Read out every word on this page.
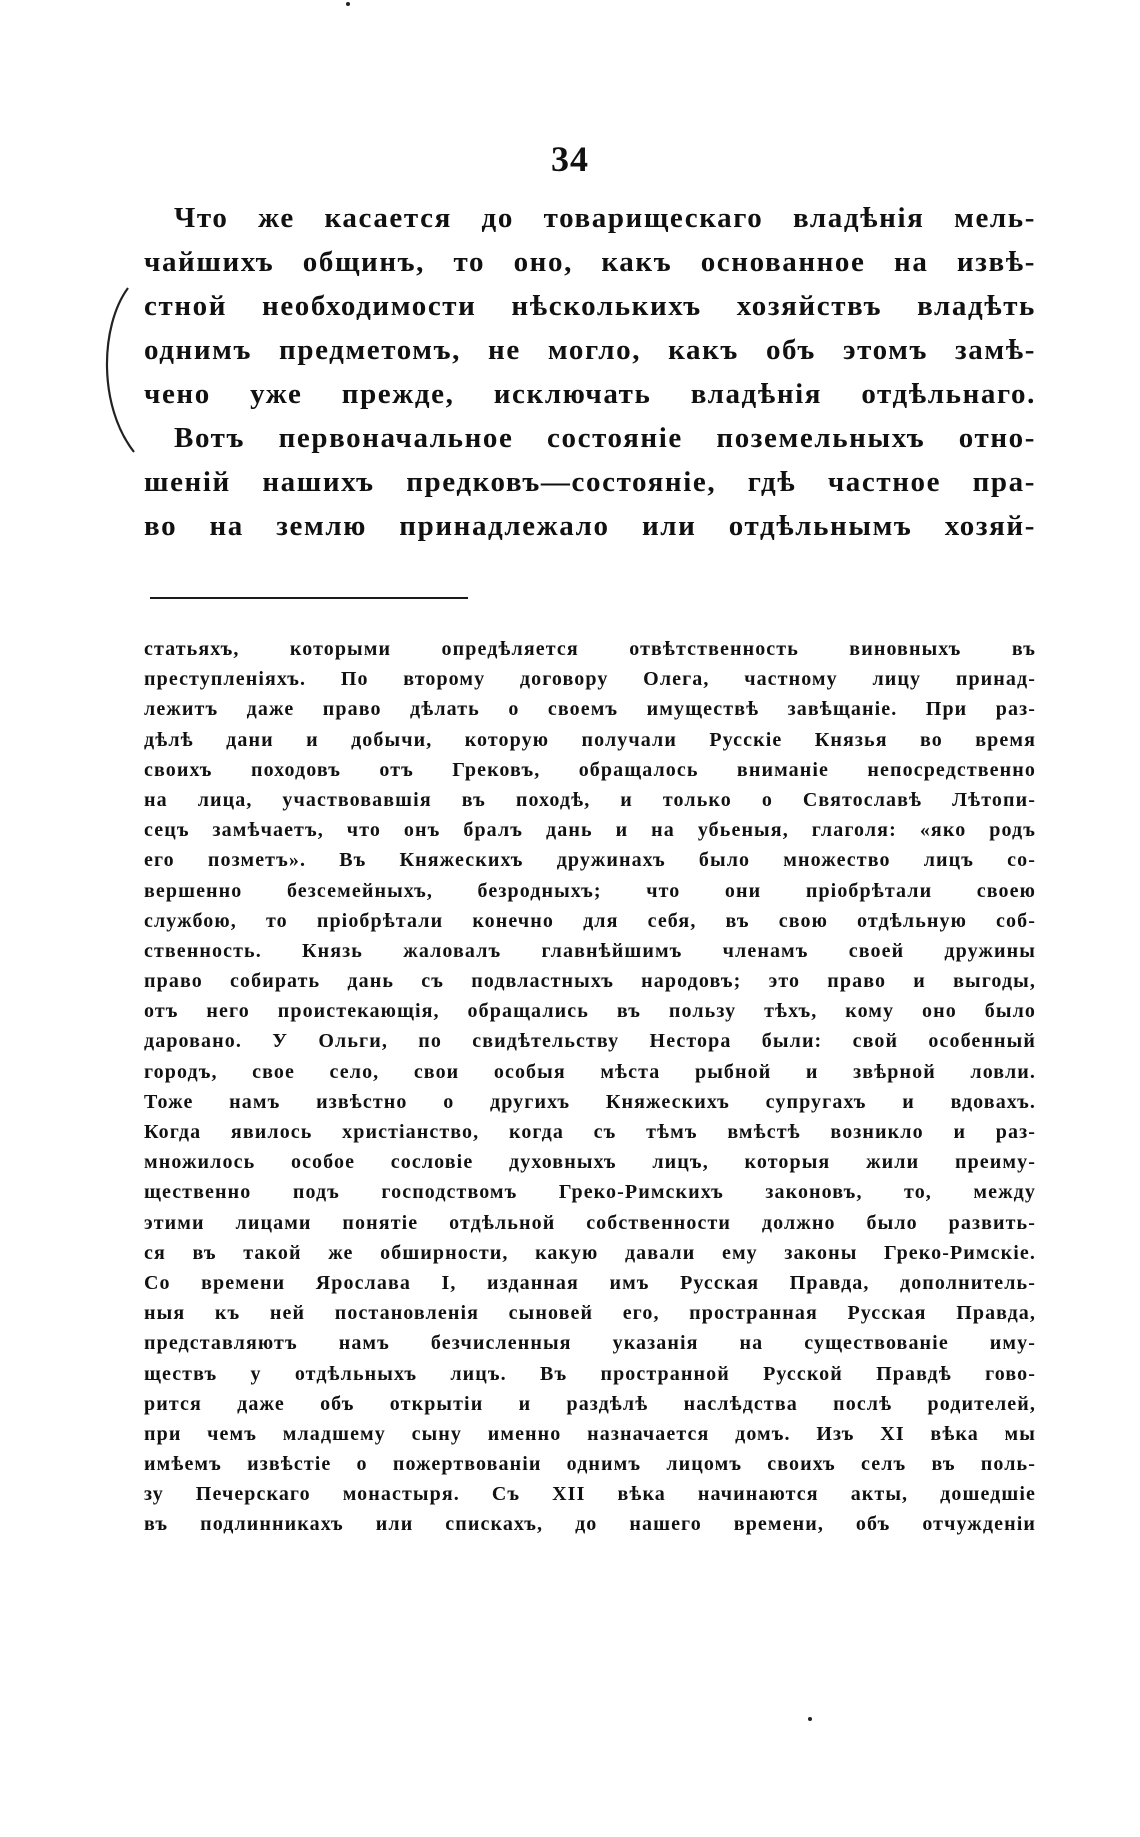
34
Что же касается до товарищескаго владѣнія мель-
чайшихъ общинъ, то оно, какъ основанное на извѣ-
стной необходимости нѣсколькихъ хозяйствъ владѣть
однимъ предметомъ, не могло, какъ объ этомъ замѣ-
чено уже прежде, исключать владѣнія отдѣльнаго.
Вотъ первоначальное состояніе поземельныхъ отно-
шеній нашихъ предковъ—состояніе, гдѣ частное пра-
во на землю принадлежало или отдѣльнымъ хозяй-
статьяхъ, которыми опредѣляется отвѣтственность виновныхъ въ
преступленіяхъ. По второму договору Олега, частному лицу принад-
лежитъ даже право дѣлать о своемъ имуществѣ завѣщаніе. При раз-
дѣлѣ дани и добычи, которую получали Русскіе Князья во время
своихъ походовъ отъ Грековъ, обращалось вниманіе непосредственно
на лица, участвовавшія въ походѣ, и только о Святославѣ Лѣтопи-
сецъ замѣчаетъ, что онъ бралъ дань и на убьеныя, глаголя: «яко родъ
его позметъ». Въ Княжескихъ дружинахъ было множество лицъ со-
вершенно безсемейныхъ, безродныхъ; что они пріобрѣтали своею
службою, то пріобрѣтали конечно для себя, въ свою отдѣльную соб-
ственность. Князь жаловалъ главнѣйшимъ членамъ своей дружины
право собирать дань съ подвластныхъ народовъ; это право и выгоды,
отъ него проистекающія, обращались въ пользу тѣхъ, кому оно было
даровано. У Ольги, по свидѣтельству Нестора были: свой особенный
городъ, свое село, свои особыя мѣста рыбной и звѣрной ловли.
Тоже намъ извѣстно о другихъ Княжескихъ супругахъ и вдовахъ.
Когда явилось христіанство, когда съ тѣмъ вмѣстѣ возникло и раз-
множилось особое сословіе духовныхъ лицъ, которыя жили преиму-
щественно подъ господствомъ Греко-Римскихъ законовъ, то, между
этими лицами понятіе отдѣльной собственности должно было развить-
ся въ такой же обширности, какую давали ему законы Греко-Римскіе.
Со времени Ярослава I, изданная имъ Русская Правда, дополнитель-
ныя къ ней постановленія сыновей его, пространная Русская Правда,
представляютъ намъ безчисленныя указанія на существованіе иму-
ществъ у отдѣльныхъ лицъ. Въ пространной Русской Правдѣ гово-
рится даже объ открытіи и раздѣлѣ наслѣдства послѣ родителей,
при чемъ младшему сыну именно назначается домъ. Изъ XI вѣка мы
имѣемъ извѣстіе о пожертвованіи однимъ лицомъ своихъ селъ въ поль-
зу Печерскаго монастыря. Съ XII вѣка начинаются акты, дошедшіе
въ подлинникахъ или спискахъ, до нашего времени, объ отчужденіи
